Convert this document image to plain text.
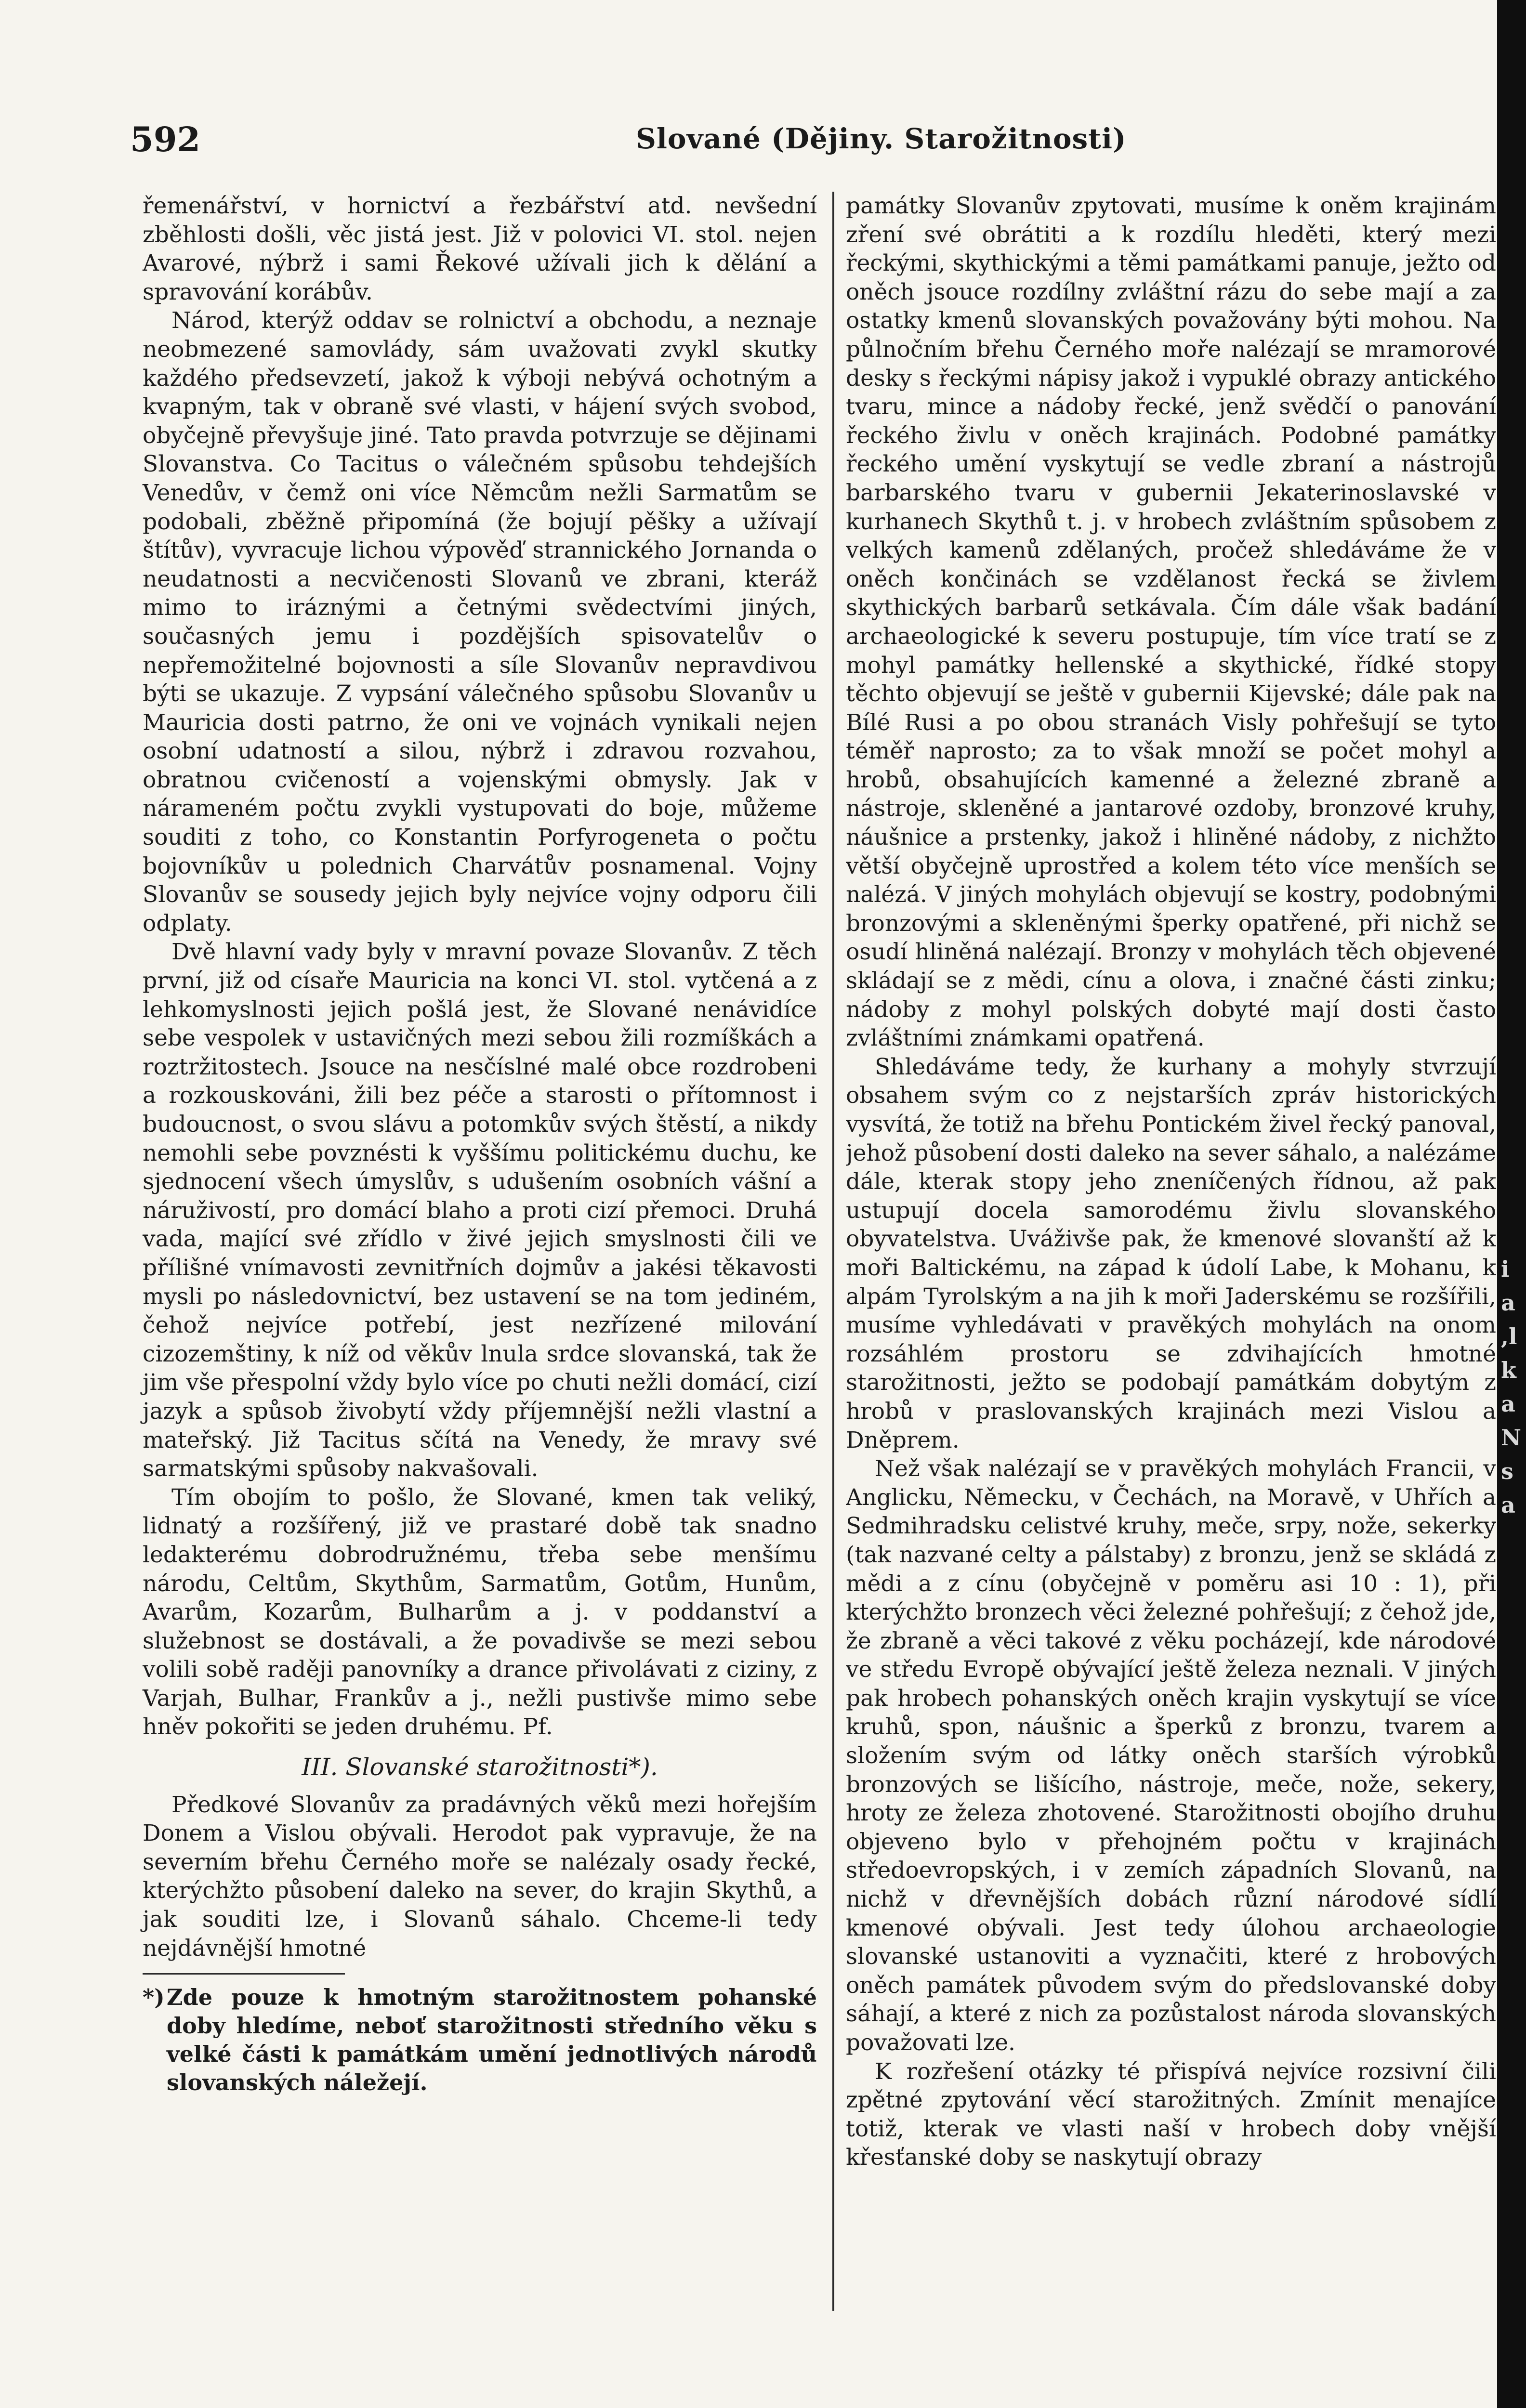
592	Slované (Dějiny. Starožitnosti)

řemenářství, v hornictví a řezbářství atd. nevšední zběhlosti došli, věc jistá jest. Již v polovici VI. stol. nejen Avarové, nýbrž i sami Řekové užívali jich k dělání a spravování korábův.

Národ, kterýž oddav se rolnictví a obchodu, a neznaje neobmezené samovlády, sám uvažovati zvykl skutky každého předsevzetí, jakož k výboji nebývá ochotným a kvapným, tak v obraně své vlasti, v hájení svých svobod, obyčejně převyšuje jiné. Tato pravda potvrzuje se dějinami Slovanstva. Co Tacitus o válečném spůsobu tehdejších Venedův, v čemž oni více Němcům nežli Sarmatům se podobali, zběžně připomíná (že bojují pěšky a užívají štítův), vyvracuje lichou výpověď strannického Jornanda o neudatnosti a necvičenosti Slovanů ve zbrani, kteráž mimo to iráznými a četnými svědectvími jiných, současných jemu i pozdějších spisovatelův o nepřemožitelné bojovnosti a síle Slovanův nepravdivou býti se ukazuje. Z vypsání válečného spůsobu Slovanův u Mauricia dosti patrno, že oni ve vojnách vynikali nejen osobní udatností a silou, nýbrž i zdravou rozvahou, obratnou cvičeností a vojenskými obmysly. Jak v nárameném počtu zvykli vystupovati do boje, můžeme souditi z toho, co Konstantin Porfyrogeneta o počtu bojovníkův u polednich Charvátův posnamenal. Vojny Slovanův se sousedy jejich byly nejvíce vojny odporu čili odplaty.

Dvě hlavní vady byly v mravní povaze Slovanův. Z těch první, již od císaře Mauricia na konci VI. stol. vytčená a z lehkomyslnosti jejich pošlá jest, že Slované nenávidíce sebe vespolek v ustavičných mezi sebou žili rozmíškách a roztržitostech. Jsouce na nesčíslné malé obce rozdrobeni a rozkouskováni, žili bez péče a starosti o přítomnost i budoucnost, o svou slávu a potomkův svých štěstí, a nikdy nemohli sebe povznésti k vyššímu politickému duchu, ke sjednocení všech úmyslův, s udušením osobních vášní a náruživostí, pro domácí blaho a proti cizí přemoci. Druhá vada, mající své zřídlo v živé jejich smyslnosti čili ve přílišné vnímavosti zevnitřních dojmův a jakési těkavosti mysli po následovnictví, bez ustavení se na tom jediném, čehož nejvíce potřebí, jest nezřízené milování cizozemštiny, k níž od věkův lnula srdce slovanská, tak že jim vše přespolní vždy bylo více po chuti nežli domácí, cizí jazyk a spůsob živobytí vždy příjemnější nežli vlastní a mateřský. Již Tacitus sčítá na Venedy, že mravy své sarmatskými spůsoby nakvašovali.

Tím obojím to pošlo, že Slované, kmen tak veliký, lidnatý a rozšířený, již ve prastaré době tak snadno ledakterému dobrodružnému, třeba sebe menšímu národu, Celtům, Skythům, Sarmatům, Gotům, Hunům, Avarům, Kozarům, Bulharům a j. v poddanství a služebnost se dostávali, a že povadivše se mezi sebou volili sobě raději panovníky a drance přivolávati z ciziny, z Varjah, Bulhar, Frankův a j., nežli pustivše mimo sebe hněv pokořiti se jeden druhému. Pf.

III. Slovanské starožitnosti*).

Předkové Slovanův za pradávných věků mezi hořejším Donem a Vislou obývali. Herodot pak vypravuje, že na severním břehu Černého moře se nalézaly osady řecké, kterýchžto působení daleko na sever, do krajin Skythů, a jak souditi lze, i Slovanů sáhalo. Chceme-li tedy nejdávnější hmotné

*) Zde pouze k hmotným starožitnostem pohanské doby hledíme, neboť starožitnosti středního věku s velké části k památkám umění jednotlivých národů slovanských náležejí.

památky Slovanův zpytovati, musíme k oněm krajinám zření své obrátiti a k rozdílu hleděti, který mezi řeckými, skythickými a těmi památkami panuje, ježto od oněch jsouce rozdílny zvláštní rázu do sebe mají a za ostatky kmenů slovanských považovány býti mohou. Na půlnočním břehu Černého moře nalézají se mramorové desky s řeckými nápisy jakož i vypuklé obrazy antického tvaru, mince a nádoby řecké, jenž svědčí o panování řeckého živlu v oněch krajinách. Podobné památky řeckého umění vyskytují se vedle zbraní a nástrojů barbarského tvaru v gubernii Jekaterinoslavské v kurhanech Skythů t. j. v hrobech zvláštním spůsobem z velkých kamenů zdělaných, pročež shledáváme že v oněch končinách se vzdělanost řecká se živlem skythických barbarů setkávala. Čím dále však badání archaeologické k severu postupuje, tím více tratí se z mohyl památky hellenské a skythické, řídké stopy těchto objevují se ještě v gubernii Kijevské; dále pak na Bílé Rusi a po obou stranách Visly pohřešují se tyto téměř naprosto; za to však množí se počet mohyl a hrobů, obsahujících kamenné a železné zbraně a nástroje, skleněné a jantarové ozdoby, bronzové kruhy, náušnice a prstenky, jakož i hliněné nádoby, z nichžto větší obyčejně uprostřed a kolem této více menších se nalézá. V jiných mohylách objevují se kostry, podobnými bronzovými a skleněnými šperky opatřené, při nichž se osudí hliněná nalézají. Bronzy v mohylách těch objevené skládají se z mědi, cínu a olova, i značné části zinku; nádoby z mohyl polských dobyté mají dosti často zvláštními známkami opatřená.

Shledáváme tedy, že kurhany a mohyly stvrzují obsahem svým co z nejstarších zpráv historických vysvítá, že totiž na břehu Pontickém živel řecký panoval, jehož působení dosti daleko na sever sáhalo, a nalézáme dále, kterak stopy jeho zneníčených řídnou, až pak ustupují docela samorodému živlu slovanského obyvatelstva. Uváživše pak, že kmenové slovanští až k moři Baltickému, na západ k údolí Labe, k Mohanu, k alpám Tyrolským a na jih k moři Jaderskému se rozšířili, musíme vyhledávati v pravěkých mohylách na onom rozsáhlém prostoru se zdvihajících hmotné starožitnosti, ježto se podobají památkám dobytým z hrobů v praslovanských krajinách mezi Vislou a Dněprem.

Než však nalézají se v pravěkých mohylách Francii, v Anglicku, Německu, v Čechách, na Moravě, v Uhřích a Sedmihradsku celistvé kruhy, meče, srpy, nože, sekerky (tak nazvané celty a pálstaby) z bronzu, jenž se skládá z mědi a z cínu (obyčejně v poměru asi 10 : 1), při kterýchžto bronzech věci železné pohřešují; z čehož jde, že zbraně a věci takové z věku pocházejí, kde národové ve středu Evropě obývající ještě železa neznali. V jiných pak hrobech pohanských oněch krajin vyskytují se více kruhů, spon, náušnic a šperků z bronzu, tvarem a složením svým od látky oněch starších výrobků bronzových se lišícího, nástroje, meče, nože, sekery, hroty ze železa zhotovené. Starožitnosti obojího druhu objeveno bylo v přehojném počtu v krajinách středoevropských, i v zemích západních Slovanů, na nichž v dřevnějších dobách různí národové sídlí kmenové obývali. Jest tedy úlohou archaeologie slovanské ustanoviti a vyznačiti, které z hrobových oněch památek původem svým do předslovanské doby sáhají, a které z nich za pozůstalost národa slovanských považovati lze.

K rozřešení otázky té přispívá nejvíce rozsivní čili zpětné zpytování věcí starožitných. Zmínit menajíce totiž, kterak ve vlasti naší v hrobech doby vnější křesťanské doby se naskytují obrazy

ia,lkaNsa
